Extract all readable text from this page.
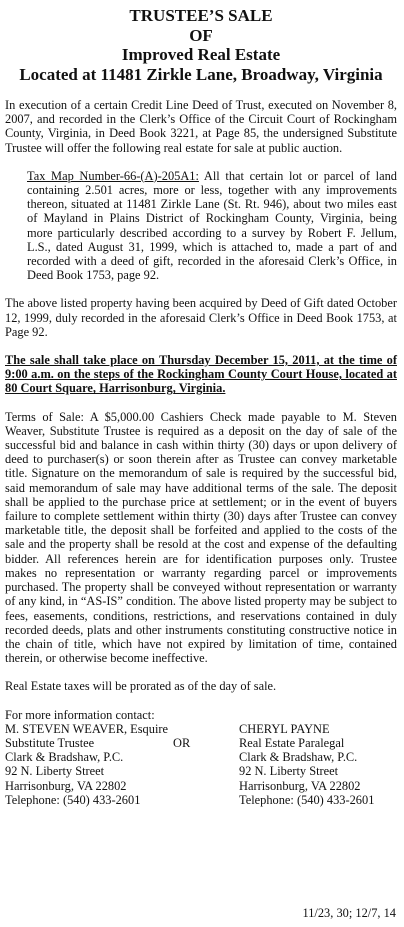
TRUSTEE’S SALE
OF
Improved Real Estate
Located at 11481 Zirkle Lane, Broadway, Virginia

In execution of a certain Credit Line Deed of Trust, executed on November 8, 2007, and recorded in the Clerk’s Office of the Circuit Court of Rockingham County, Virginia, in Deed Book 3221, at Page 85, the undersigned Substitute Trustee will offer the following real estate for sale at public auction.

Tax Map Number-66-(A)-205A1: All that certain lot or parcel of land containing 2.501 acres, more or less, together with any improvements thereon, situated at 11481 Zirkle Lane (St. Rt. 946), about two miles east of Mayland in Plains District of Rockingham County, Virginia, being more particularly described according to a survey by Robert F. Jellum, L.S., dated August 31, 1999, which is attached to, made a part of and recorded with a deed of gift, recorded in the aforesaid Clerk’s Office, in Deed Book 1753, page 92.

The above listed property having been acquired by Deed of Gift dated October 12, 1999, duly recorded in the aforesaid Clerk’s Office in Deed Book 1753, at Page 92.

The sale shall take place on Thursday December 15, 2011, at the time of 9:00 a.m. on the steps of the Rockingham County Court House, located at 80 Court Square, Harrisonburg, Virginia.

Terms of Sale: A $5,000.00 Cashiers Check made payable to M. Steven Weaver, Substitute Trustee is required as a deposit on the day of sale of the successful bid and balance in cash within thirty (30) days or upon delivery of deed to purchaser(s) or soon therein after as Trustee can convey marketable title. Signature on the memorandum of sale is required by the successful bid, said memorandum of sale may have additional terms of the sale. The deposit shall be applied to the purchase price at settlement; or in the event of buyers failure to complete settlement within thirty (30) days after Trustee can convey marketable title, the deposit shall be forfeited and applied to the costs of the sale and the property shall be resold at the cost and expense of the defaulting bidder. All references herein are for identification purposes only. Trustee makes no representation or warranty regarding parcel or improvements purchased. The property shall be conveyed without representation or warranty of any kind, in “AS-IS” condition. The above listed property may be subject to fees, easements, conditions, restrictions, and reservations contained in duly recorded deeds, plats and other instruments constituting constructive notice in the chain of title, which have not expired by limitation of time, contained therein, or otherwise become ineffective.

Real Estate taxes will be prorated as of the day of sale.

For more information contact:

M. STEVEN WEAVER, Esquire
Substitute Trustee
Clark & Bradshaw, P.C.
92 N. Liberty Street
Harrisonburg, VA 22802
Telephone: (540) 433-2601
OR
CHERYL PAYNE
Real Estate Paralegal
Clark & Bradshaw, P.C.
92 N. Liberty Street
Harrisonburg, VA 22802
Telephone: (540) 433-2601
11/23, 30; 12/7, 14
